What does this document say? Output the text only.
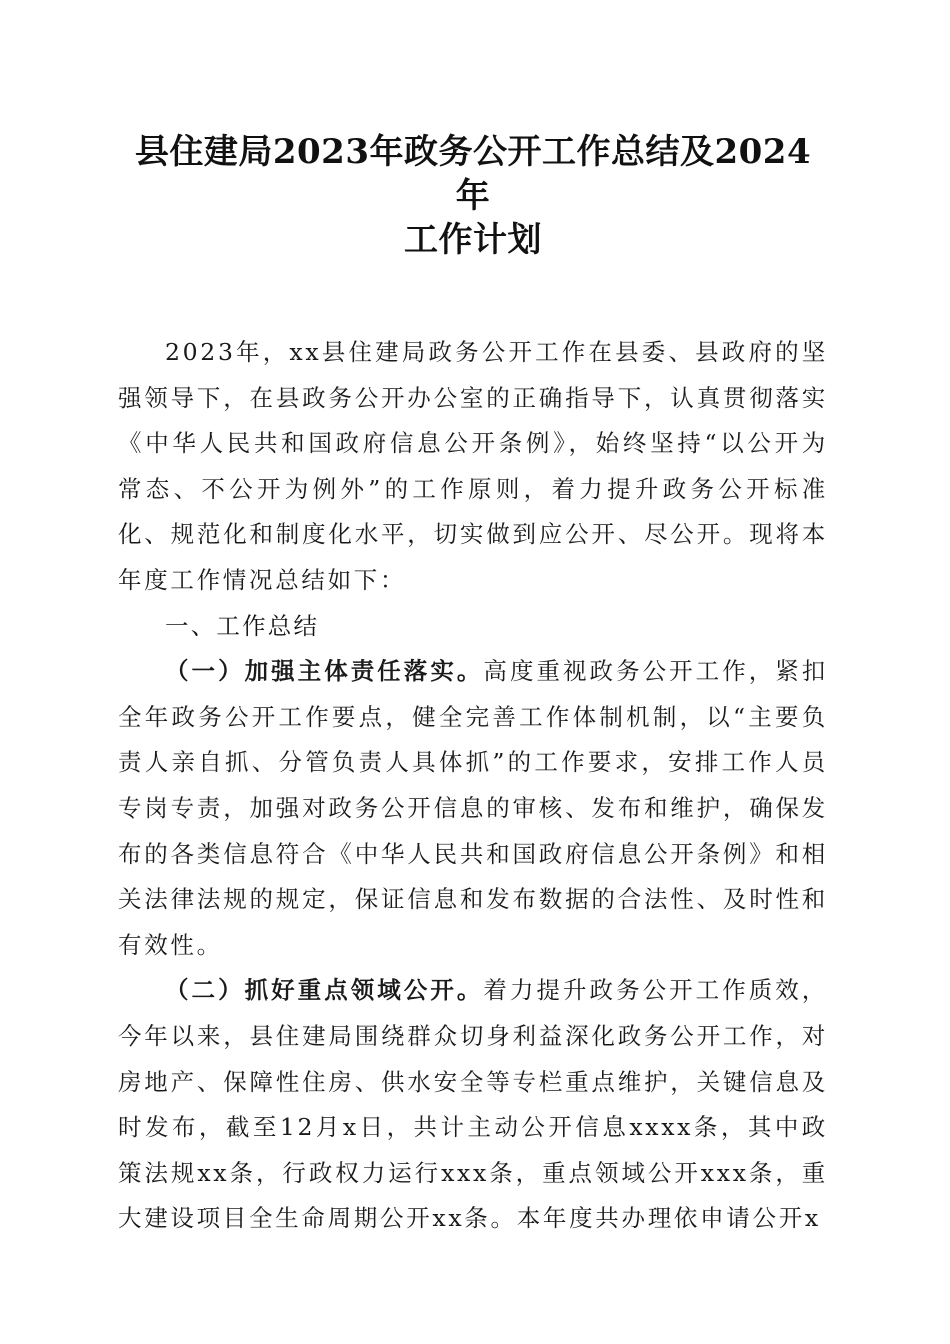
县住建局2023年政务公开工作总结及2024年
工作计划

2023年，xx县住建局政务公开工作在县委、县政府的坚强领导下，在县政务公开办公室的正确指导下，认真贯彻落实《中华人民共和国政府信息公开条例》，始终坚持“以公开为常态、不公开为例外”的工作原则，着力提升政务公开标准化、规范化和制度化水平，切实做到应公开、尽公开。现将本年度工作情况总结如下：

一、工作总结

（一）加强主体责任落实。高度重视政务公开工作，紧扣全年政务公开工作要点，健全完善工作体制机制，以“主要负责人亲自抓、分管负责人具体抓”的工作要求，安排工作人员专岗专责，加强对政务公开信息的审核、发布和维护，确保发布的各类信息符合《中华人民共和国政府信息公开条例》和相关法律法规的规定，保证信息和发布数据的合法性、及时性和有效性。

（二）抓好重点领域公开。着力提升政务公开工作质效，今年以来，县住建局围绕群众切身利益深化政务公开工作，对房地产、保障性住房、供水安全等专栏重点维护，关键信息及时发布，截至12月x日，共计主动公开信息xxxx条，其中政策法规xx条，行政权力运行xxx条，重点领域公开xxx条，重大建设项目全生命周期公开xx条。本年度共办理依申请公开x
